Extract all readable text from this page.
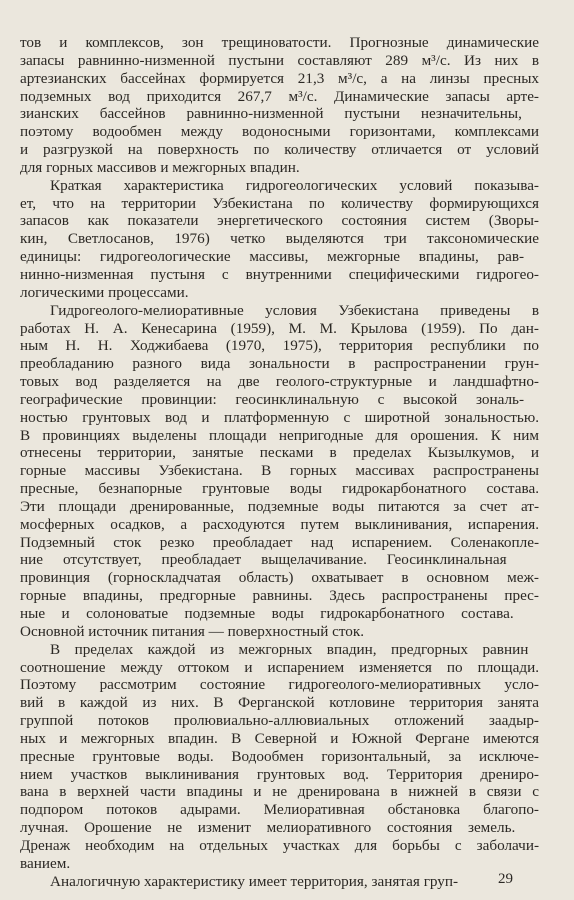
тов и комплексов, зон трещиноватости. Прогнозные динамические
запасы равнинно-низменной пустыни составляют 289 м³/с. Из них в
артезианских бассейнах формируется 21,3 м³/с, а на линзы пресных
подземных вод приходится 267,7 м³/с. Динамические запасы арте-
зианских бассейнов равнинно-низменной пустыни незначительны,
поэтому водообмен между водоносными горизонтами, комплексами
и разгрузкой на поверхность по количеству отличается от условий
для горных массивов и межгорных впадин.

Краткая характеристика гидрогеологических условий показыва-
ет, что на территории Узбекистана по количеству формирующихся
запасов как показатели энергетического состояния систем (Зворы-
кин, Светлосанов, 1976) четко выделяются три таксономические
единицы: гидрогеологические массивы, межгорные впадины, рав-
нинно-низменная пустыня с внутренними специфическими гидрогео-
логическими процессами.

Гидрогеолого-мелиоративные условия Узбекистана приведены в
работах Н. А. Кенесарина (1959), М. М. Крылова (1959). По дан-
ным Н. Н. Ходжибаева (1970, 1975), территория республики по
преобладанию разного вида зональности в распространении грун-
товых вод разделяется на две геолого-структурные и ландшафтно-
географические провинции: геосинклинальную с высокой зональ-
ностью грунтовых вод и платформенную с широтной зональностью.
В провинциях выделены площади непригодные для орошения. К ним
отнесены территории, занятые песками в пределах Кызылкумов, и
горные массивы Узбекистана. В горных массивах распространены
пресные, безнапорные грунтовые воды гидрокарбонатного состава.
Эти площади дренированные, подземные воды питаются за счет ат-
мосферных осадков, а расходуются путем выклинивания, испарения.
Подземный сток резко преобладает над испарением. Соленакопле-
ние отсутствует, преобладает выщелачивание. Геосинклинальная
провинция (горноскладчатая область) охватывает в основном меж-
горные впадины, предгорные равнины. Здесь распространены прес-
ные и солоноватые подземные воды гидрокарбонатного состава.
Основной источник питания — поверхностный сток.

В пределах каждой из межгорных впадин, предгорных равнин
соотношение между оттоком и испарением изменяется по площади.
Поэтому рассмотрим состояние гидрогеолого-мелиоративных усло-
вий в каждой из них. В Ферганской котловине территория занята
группой потоков пролювиально-аллювиальных отложений заадыр-
ных и межгорных впадин. В Северной и Южной Фергане имеются
пресные грунтовые воды. Водообмен горизонтальный, за исключе-
нием участков выклинивания грунтовых вод. Территория дрениро-
вана в верхней части впадины и не дренирована в нижней в связи с
подпором потоков адырами. Мелиоративная обстановка благопо-
лучная. Орошение не изменит мелиоративного состояния земель.
Дренаж необходим на отдельных участках для борьбы с заболачи-
ванием.

Аналогичную характеристику имеет территория, занятая груп-	29
